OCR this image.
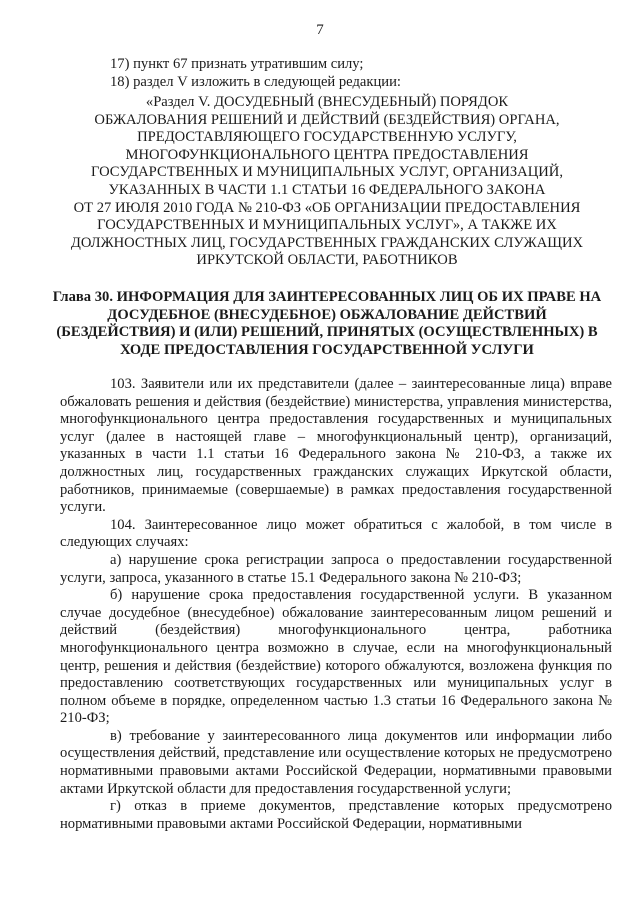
7
17) пункт 67 признать утратившим силу;
18) раздел V изложить в следующей редакции:
«Раздел V. ДОСУДЕБНЫЙ (ВНЕСУДЕБНЫЙ) ПОРЯДОК
ОБЖАЛОВАНИЯ РЕШЕНИЙ И ДЕЙСТВИЙ (БЕЗДЕЙСТВИЯ) ОРГАНА,
ПРЕДОСТАВЛЯЮЩЕГО ГОСУДАРСТВЕННУЮ УСЛУГУ,
МНОГОФУНКЦИОНАЛЬНОГО ЦЕНТРА ПРЕДОСТАВЛЕНИЯ
ГОСУДАРСТВЕННЫХ И МУНИЦИПАЛЬНЫХ УСЛУГ, ОРГАНИЗАЦИЙ,
УКАЗАННЫХ В ЧАСТИ 1.1 СТАТЬИ 16 ФЕДЕРАЛЬНОГО ЗАКОНА
ОТ 27 ИЮЛЯ 2010 ГОДА № 210-ФЗ «ОБ ОРГАНИЗАЦИИ ПРЕДОСТАВЛЕНИЯ
ГОСУДАРСТВЕННЫХ И МУНИЦИПАЛЬНЫХ УСЛУГ», А ТАКЖЕ ИХ
ДОЛЖНОСТНЫХ ЛИЦ, ГОСУДАРСТВЕННЫХ ГРАЖДАНСКИХ СЛУЖАЩИХ
ИРКУТСКОЙ ОБЛАСТИ, РАБОТНИКОВ
Глава 30. ИНФОРМАЦИЯ ДЛЯ ЗАИНТЕРЕСОВАННЫХ ЛИЦ ОБ ИХ ПРАВЕ НА
ДОСУДЕБНОЕ (ВНЕСУДЕБНОЕ) ОБЖАЛОВАНИЕ ДЕЙСТВИЙ
(БЕЗДЕЙСТВИЯ) И (ИЛИ) РЕШЕНИЙ, ПРИНЯТЫХ (ОСУЩЕСТВЛЕННЫХ) В
ХОДЕ ПРЕДОСТАВЛЕНИЯ ГОСУДАРСТВЕННОЙ УСЛУГИ

103. Заявители или их представители (далее – заинтересованные лица) вправе обжаловать решения и действия (бездействие) министерства, управления министерства, многофункционального центра предоставления государственных и муниципальных услуг (далее в настоящей главе – многофункциональный центр), организаций, указанных в части 1.1 статьи 16 Федерального закона № 210-ФЗ, а также их должностных лиц, государственных гражданских служащих Иркутской области, работников, принимаемые (совершаемые) в рамках предоставления государственной услуги.

104. Заинтересованное лицо может обратиться с жалобой, в том числе в следующих случаях:

а) нарушение срока регистрации запроса о предоставлении государственной услуги, запроса, указанного в статье 15.1 Федерального закона № 210-ФЗ;

б) нарушение срока предоставления государственной услуги. В указанном случае досудебное (внесудебное) обжалование заинтересованным лицом решений и действий (бездействия) многофункционального центра, работника многофункционального центра возможно в случае, если на многофункциональный центр, решения и действия (бездействие) которого обжалуются, возложена функция по предоставлению соответствующих государственных или муниципальных услуг в полном объеме в порядке, определенном частью 1.3 статьи 16 Федерального закона № 210-ФЗ;

в) требование у заинтересованного лица документов или информации либо осуществления действий, представление или осуществление которых не предусмотрено нормативными правовыми актами Российской Федерации, нормативными правовыми актами Иркутской области для предоставления государственной услуги;

г) отказ в приеме документов, представление которых предусмотрено нормативными правовыми актами Российской Федерации, нормативными
